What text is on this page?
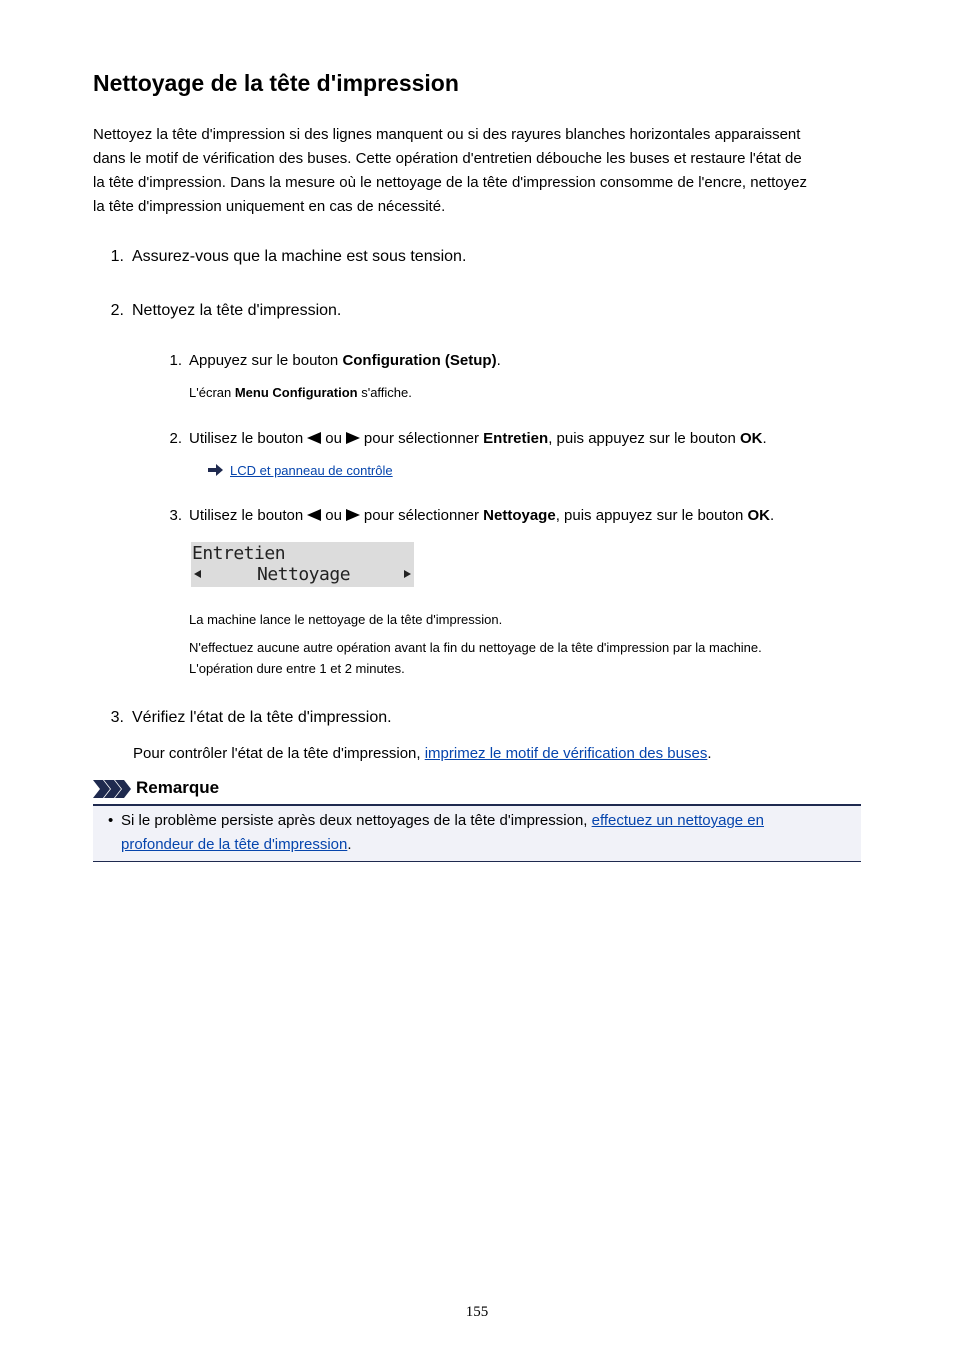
Nettoyage de la tête d'impression
Nettoyez la tête d'impression si des lignes manquent ou si des rayures blanches horizontales apparaissent
dans le motif de vérification des buses. Cette opération d'entretien débouche les buses et restaure l'état de
la tête d'impression. Dans la mesure où le nettoyage de la tête d'impression consomme de l'encre, nettoyez
la tête d'impression uniquement en cas de nécessité.
1. Assurez-vous que la machine est sous tension.
2. Nettoyez la tête d'impression.
1. Appuyez sur le bouton Configuration (Setup).
L'écran Menu Configuration s'affiche.
2. Utilisez le bouton ou pour sélectionner Entretien, puis appuyez sur le bouton OK.
LCD et panneau de contrôle
3. Utilisez le bouton ou pour sélectionner Nettoyage, puis appuyez sur le bouton OK.
Entretien
Nettoyage
La machine lance le nettoyage de la tête d'impression.
N'effectuez aucune autre opération avant la fin du nettoyage de la tête d'impression par la machine.
L'opération dure entre 1 et 2 minutes.
3. Vérifiez l'état de la tête d'impression.
Pour contrôler l'état de la tête d'impression, imprimez le motif de vérification des buses.
Remarque
• Si le problème persiste après deux nettoyages de la tête d'impression, effectuez un nettoyage en
profondeur de la tête d'impression.
155
